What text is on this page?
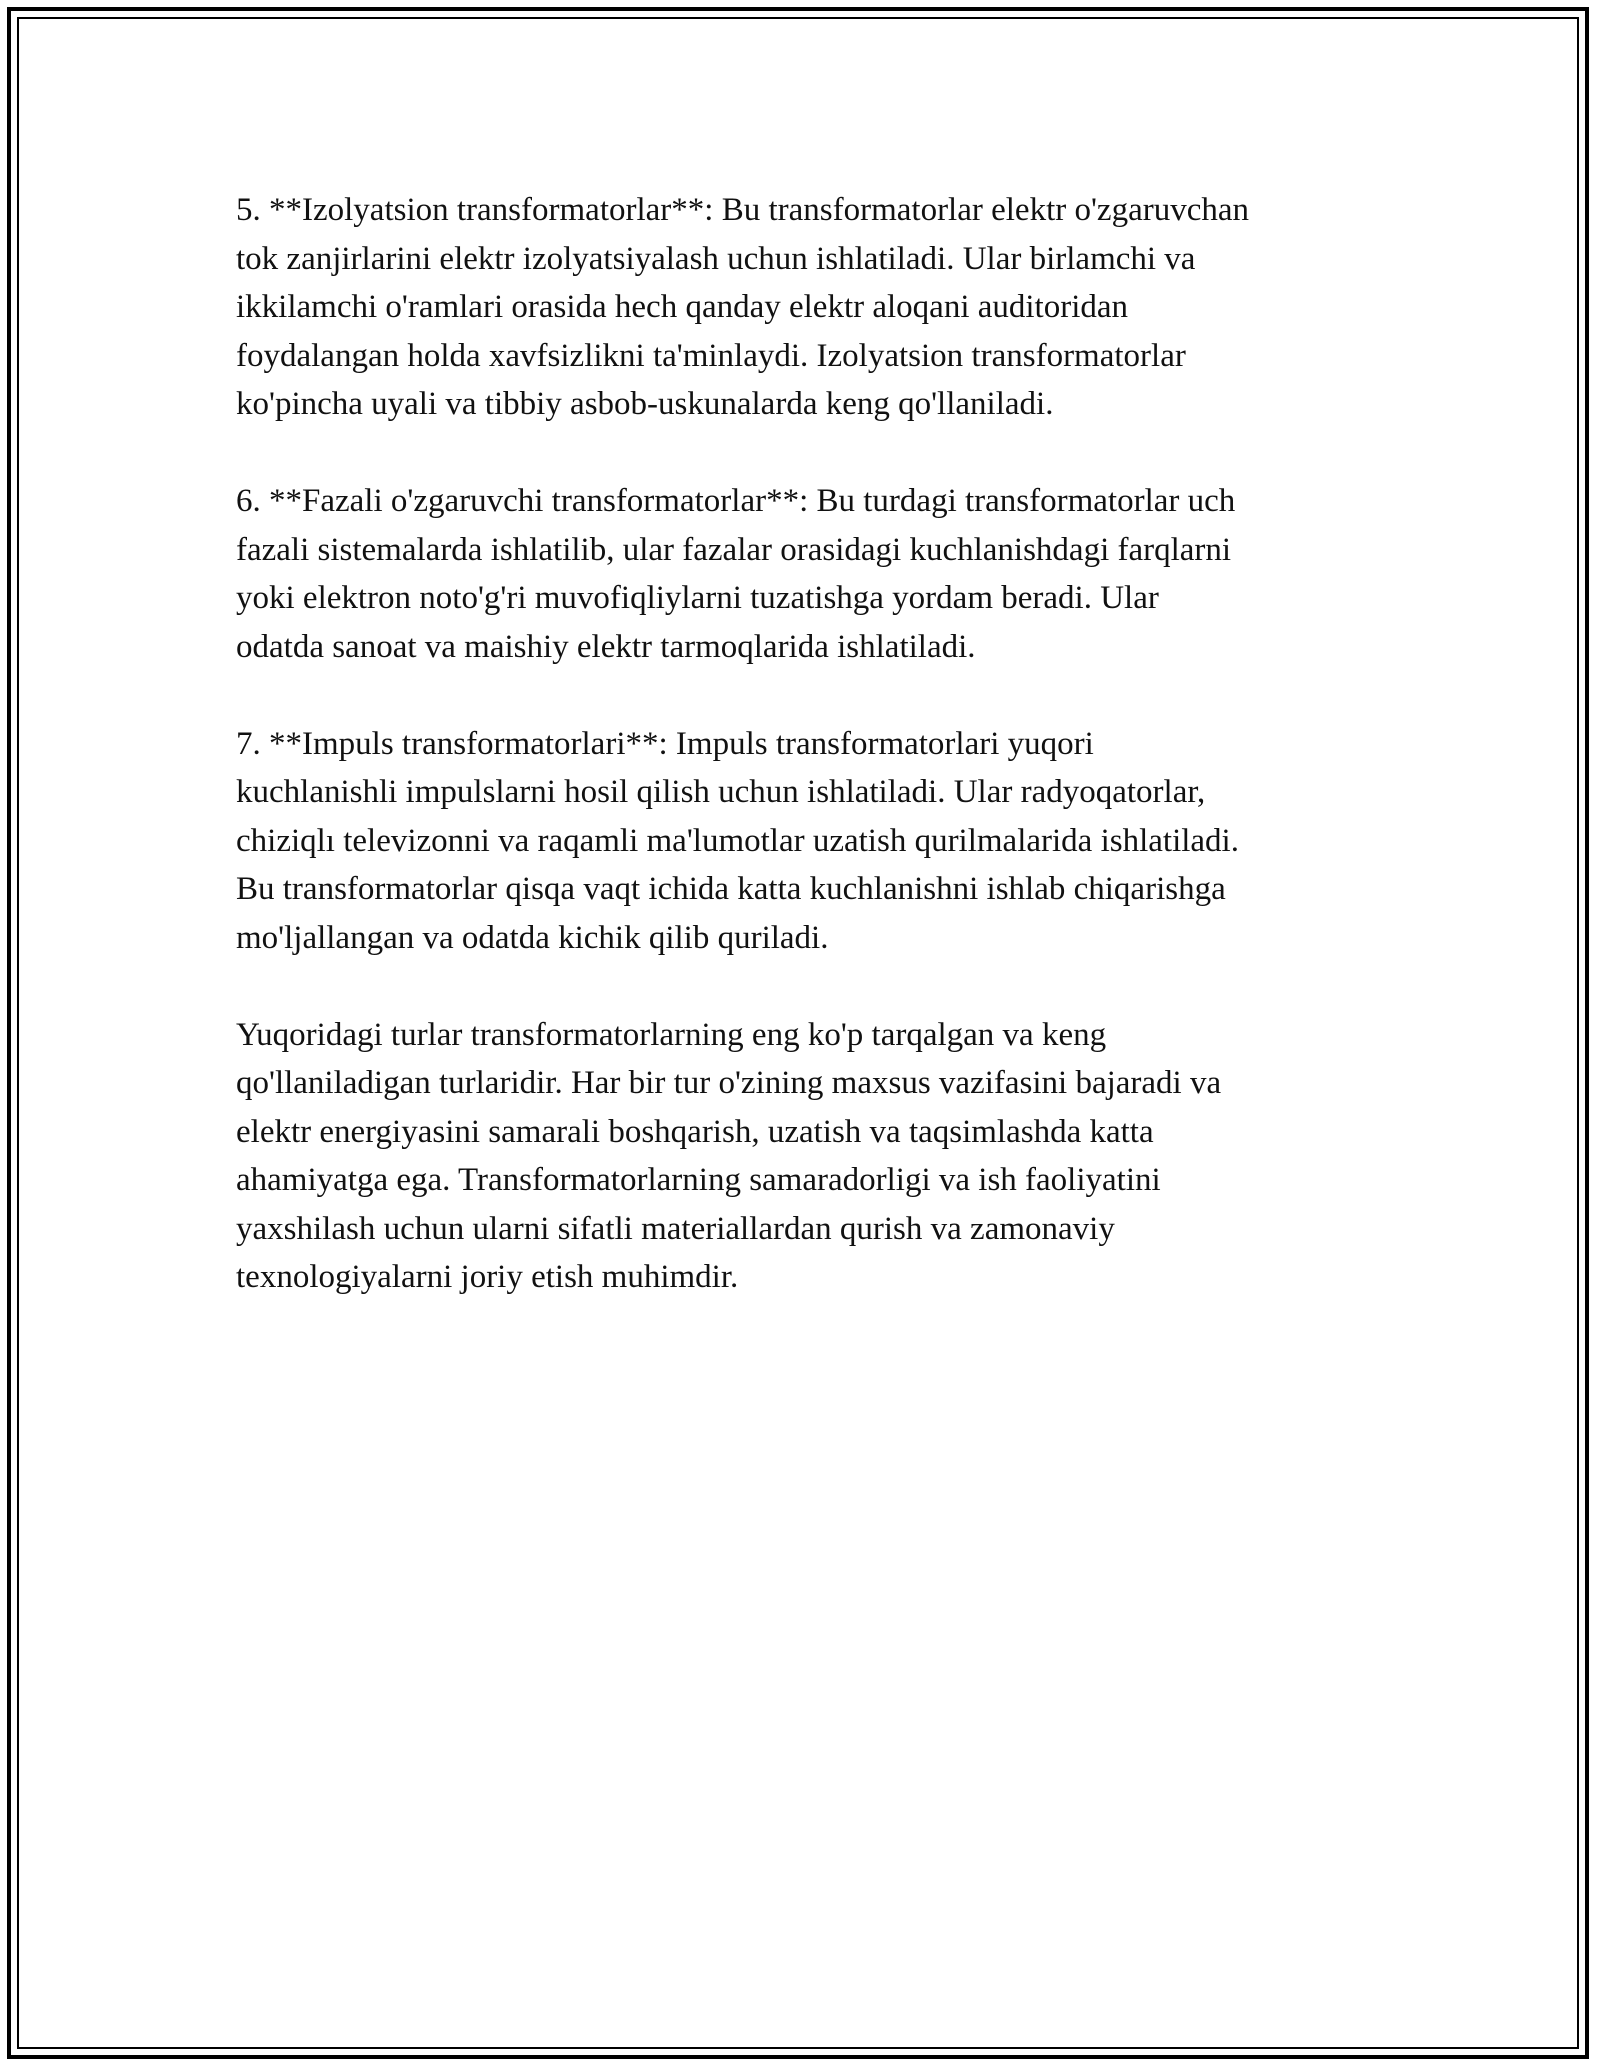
5. **Izolyatsion transformatorlar**: Bu transformatorlar elektr o'zgaruvchan
tok zanjirlarini elektr izolyatsiyalash uchun ishlatiladi. Ular birlamchi va
ikkilamchi o'ramlari orasida hech qanday elektr aloqani auditoridan
foydalangan holda xavfsizlikni ta'minlaydi. Izolyatsion transformatorlar
ko'pincha uyali va tibbiy asbob-uskunalarda keng qo'llaniladi.

6. **Fazali o'zgaruvchi transformatorlar**: Bu turdagi transformatorlar uch
fazali sistemalarda ishlatilib, ular fazalar orasidagi kuchlanishdagi farqlarni
yoki elektron noto'g'ri muvofiqliylarni tuzatishga yordam beradi. Ular
odatda sanoat va maishiy elektr tarmoqlarida ishlatiladi.

7. **Impuls transformatorlari**: Impuls transformatorlari yuqori
kuchlanishli impulslarni hosil qilish uchun ishlatiladi. Ular radyoqatorlar,
chiziqlı televizonni va raqamli ma'lumotlar uzatish qurilmalarida ishlatiladi.
Bu transformatorlar qisqa vaqt ichida katta kuchlanishni ishlab chiqarishga
mo'ljallangan va odatda kichik qilib quriladi.

Yuqoridagi turlar transformatorlarning eng ko'p tarqalgan va keng
qo'llaniladigan turlaridir. Har bir tur o'zining maxsus vazifasini bajaradi va
elektr energiyasini samarali boshqarish, uzatish va taqsimlashda katta
ahamiyatga ega. Transformatorlarning samaradorligi va ish faoliyatini
yaxshilash uchun ularni sifatli materiallardan qurish va zamonaviy
texnologiyalarni joriy etish muhimdir.
